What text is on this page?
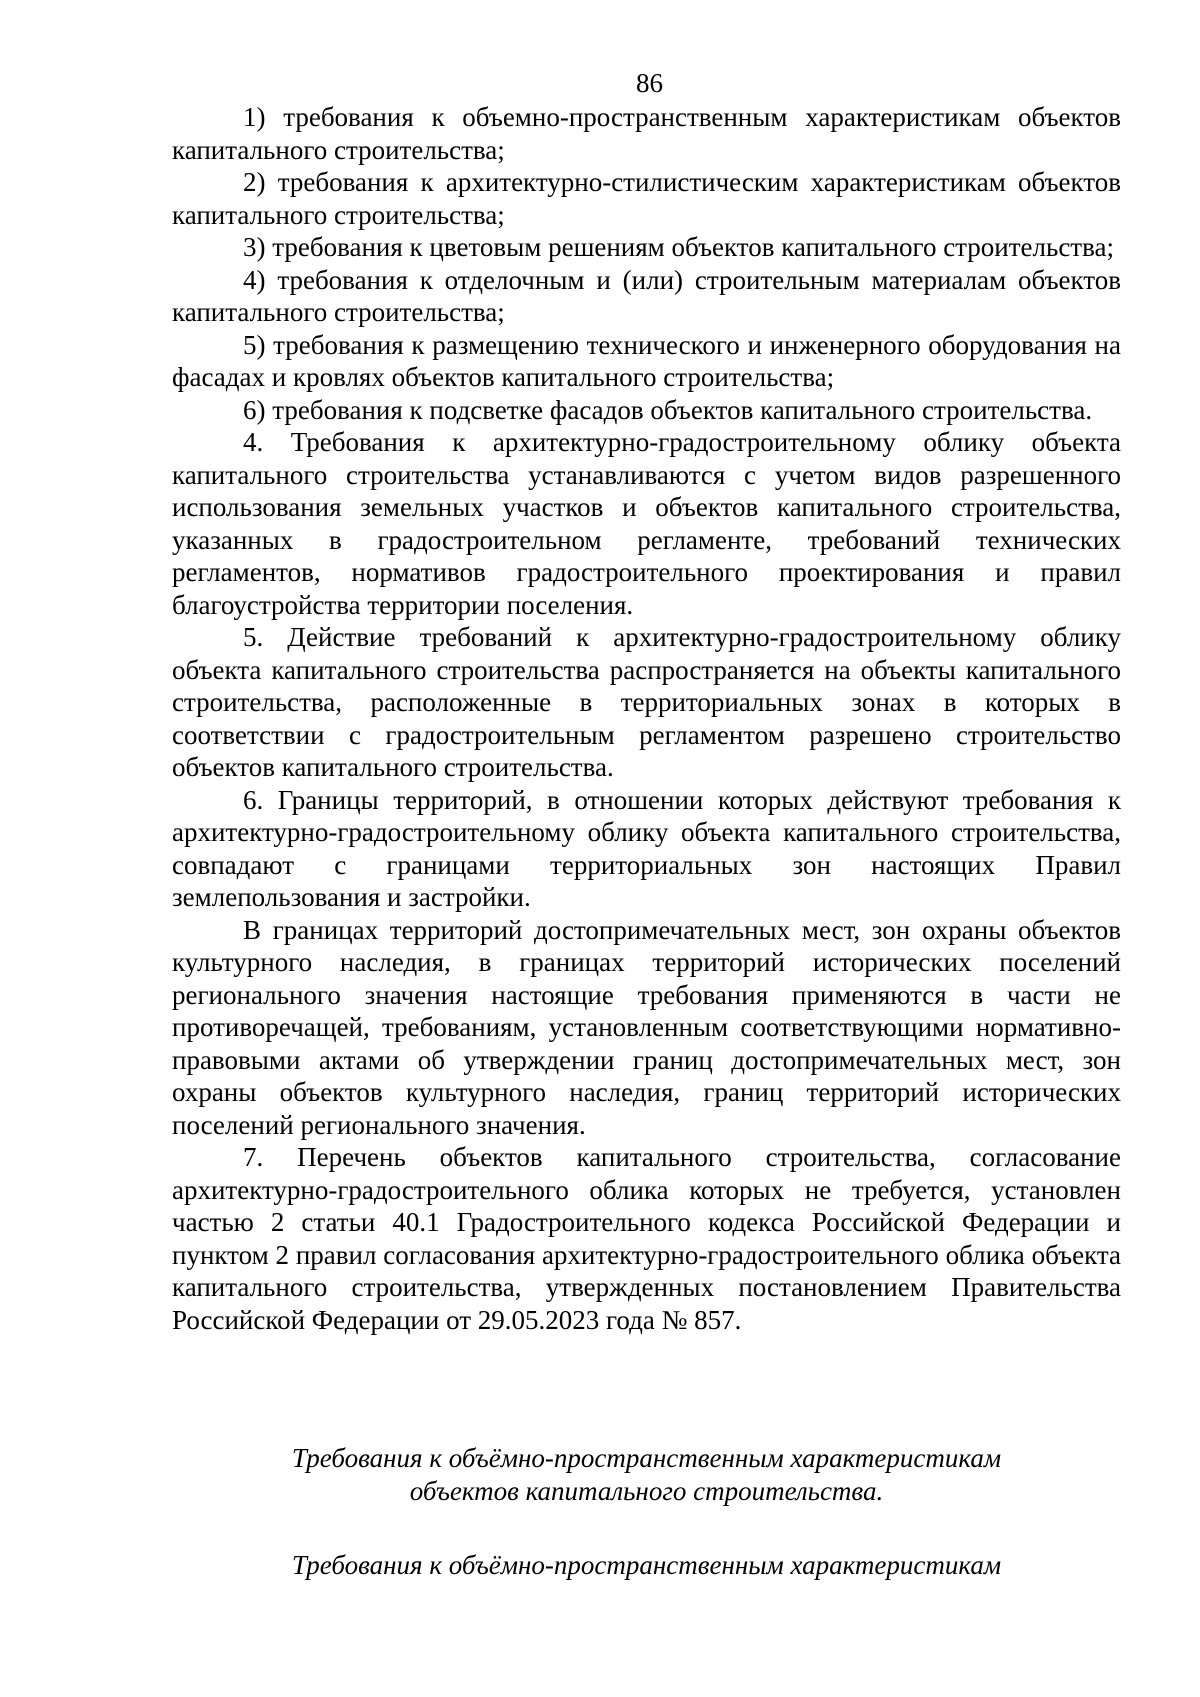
86

1) требования к объемно-пространственным характеристикам объектов капитального строительства;

2) требования к архитектурно-стилистическим характеристикам объектов капитального строительства;

3) требования к цветовым решениям объектов капитального строительства;

4) требования к отделочным и (или) строительным материалам объектов капитального строительства;

5) требования к размещению технического и инженерного оборудования на фасадах и кровлях объектов капитального строительства;

6) требования к подсветке фасадов объектов капитального строительства.

4. Требования к архитектурно-градостроительному облику объекта капитального строительства устанавливаются с учетом видов разрешенного использования земельных участков и объектов капитального строительства, указанных в градостроительном регламенте, требований технических регламентов, нормативов градостроительного проектирования и правил благоустройства территории поселения.

5. Действие требований к архитектурно-градостроительному облику объекта капитального строительства распространяется на объекты капитального строительства, расположенные в территориальных зонах в которых в соответствии с градостроительным регламентом разрешено строительство объектов капитального строительства.

6. Границы территорий, в отношении которых действуют требования к архитектурно-градостроительному облику объекта капитального строительства, совпадают с границами территориальных зон настоящих Правил землепользования и застройки.

В границах территорий достопримечательных мест, зон охраны объектов культурного наследия, в границах территорий исторических поселений регионального значения настоящие требования применяются в части не противоречащей, требованиям, установленным соответствующими нормативно-правовыми актами об утверждении границ достопримечательных мест, зон охраны объектов культурного наследия, границ территорий исторических поселений регионального значения.

7. Перечень объектов капитального строительства, согласование архитектурно-градостроительного облика которых не требуется, установлен частью 2 статьи 40.1 Градостроительного кодекса Российской Федерации и пунктом 2 правил согласования архитектурно-градостроительного облика объекта капитального строительства, утвержденных постановлением Правительства Российской Федерации от 29.05.2023 года № 857.

Требования к объёмно-пространственным характеристикам
объектов капитального строительства.
Требования к объёмно-пространственным характеристикам
